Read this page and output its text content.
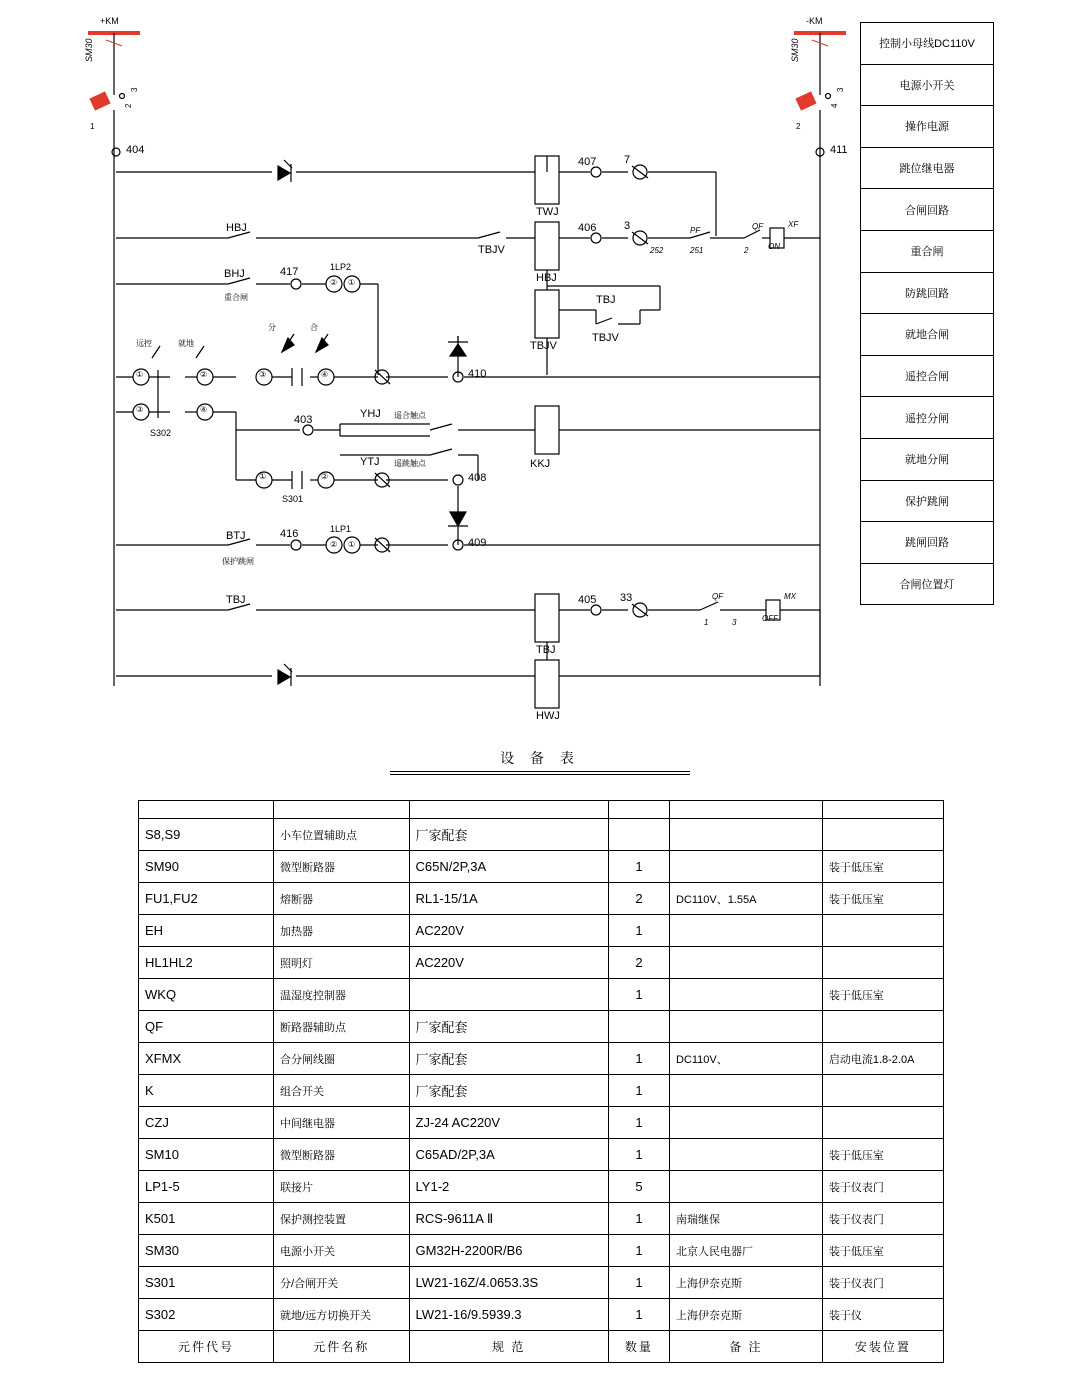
+KM	-KM
SM30	SM30
1
2
3
2
4
3
404	411
TWJ
407	7
HBJ
TBJV
HBJ
406	3
252	251
PF
2
QF	XF
ON
BHJ
重合闸
417	1LP2
② ①
TBJV
TBJ
TBJV
远控	就地
分	合
①
③
②
④
③	④
S302
410
403	YHJ 遥合触点
YTJ 遥跳触点	KKJ
①	②
S301
408
BTJ
保护跳闸
416	1LP1
② ①	409
TBJ
TBJ
405 33	QF
1	3
MX
OFF
HWJ
控制小母线DC110V
电源小开关
操作电源
跳位继电器
合闸回路
重合闸
防跳回路
就地合闸
遥控合闸
遥控分闸
就地分闸
保护跳闸
跳闸回路
合闸位置灯
设 备 表

S8,S9	小车位置辅助点	厂家配套			
SM90	微型断路器	C65N/2P,3A	1		装于低压室
FU1,FU2	熔断器	RL1-15/1A	2	DC110V、1.55A	装于低压室
EH	加热器	AC220V	1		
HL1HL2	照明灯	AC220V	2		
WKQ	温湿度控制器		1		装于低压室
QF	断路器辅助点	厂家配套			
XFMX	合分闸线圈	厂家配套	1	DC110V、	启动电流1.8-2.0A
K	组合开关	厂家配套	1		
CZJ	中间继电器	ZJ-24 AC220V	1		
SM10	微型断路器	C65AD/2P,3A	1		装于低压室
LP1-5	联接片	LY1-2	5		装于仪表门
K501	保护测控装置	RCS-9611A Ⅱ	1	南瑞继保	装于仪表门
SM30	电源小开关	GM32H-2200R/B6	1	北京人民电器厂	装于低压室
S301	分/合闸开关	LW21-16Z/4.0653.3S	1	上海伊奈克斯	装于仪表门
S302	就地/远方切换开关	LW21-16/9.5939.3	1	上海伊奈克斯	装于仪
元件代号	元件名称	规 范	数量	备 注	安装位置
